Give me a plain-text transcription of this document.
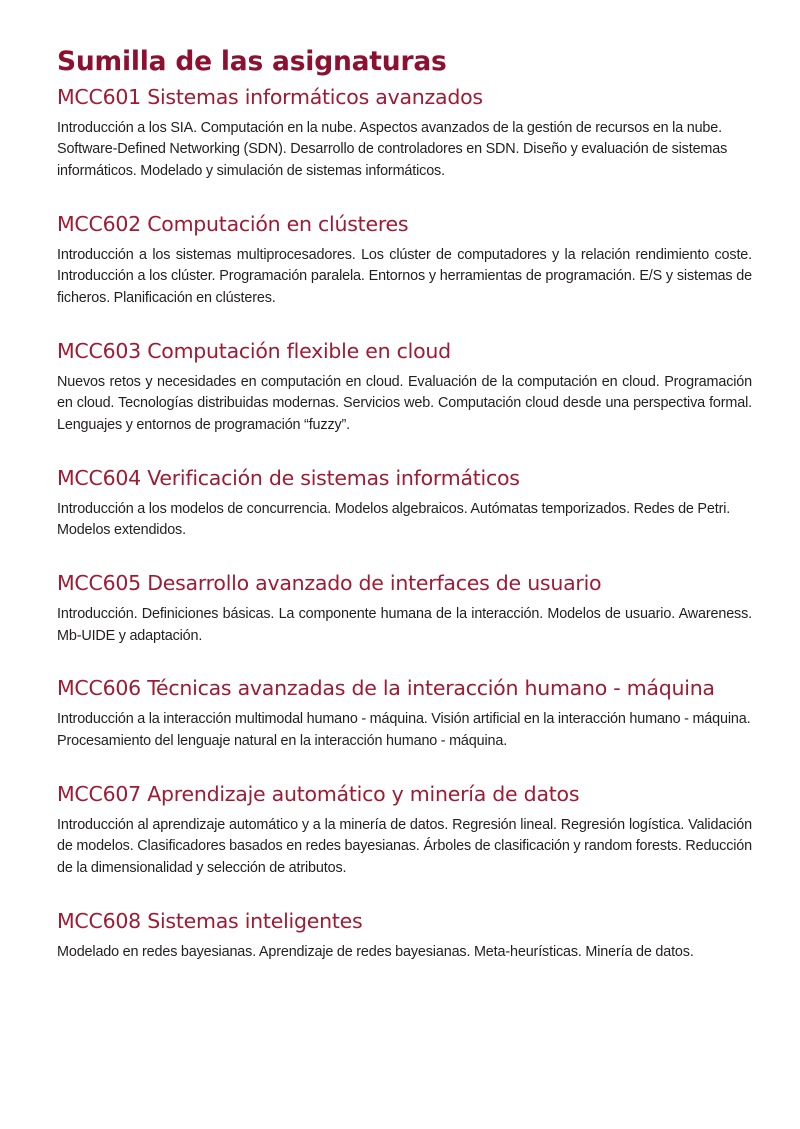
Sumilla de las asignaturas
MCC601 Sistemas informáticos avanzados

Introducción a los SIA. Computación en la nube. Aspectos avanzados de la gestión de recursos en la nube. Software-Defined Networking (SDN). Desarrollo de controladores en SDN. Diseño y evaluación de sistemas informáticos. Modelado y simulación de sistemas informáticos.

MCC602 Computación en clústeres

Introducción a los sistemas multiprocesadores. Los clúster de computadores y la relación rendimiento coste. Introducción a los clúster. Programación paralela. Entornos y herramientas de programación. E/S y sistemas de ficheros. Planificación en clústeres.

MCC603 Computación flexible en cloud

Nuevos retos y necesidades en computación en cloud. Evaluación de la computación en cloud. Programación en cloud. Tecnologías distribuidas modernas. Servicios web. Computación cloud desde una perspectiva formal. Lenguajes y entornos de programación “fuzzy”.

MCC604 Verificación de sistemas informáticos

Introducción a los modelos de concurrencia. Modelos algebraicos. Autómatas temporizados. Redes de Petri. Modelos extendidos.

MCC605 Desarrollo avanzado de interfaces de usuario

Introducción. Definiciones básicas. La componente humana de la interacción. Modelos de usuario. Awareness. Mb-UIDE y adaptación.

MCC606 Técnicas avanzadas de la interacción humano - máquina

Introducción a la interacción multimodal humano - máquina. Visión artificial en la interacción humano - máquina. Procesamiento del lenguaje natural en la interacción humano - máquina.

MCC607 Aprendizaje automático y minería de datos

Introducción al aprendizaje automático y a la minería de datos. Regresión lineal. Regresión logística. Validación de modelos. Clasificadores basados en redes bayesianas. Árboles de clasificación y random forests. Reducción de la dimensionalidad y selección de atributos.

MCC608 Sistemas inteligentes

Modelado en redes bayesianas. Aprendizaje de redes bayesianas. Meta-heurísticas. Minería de datos.
